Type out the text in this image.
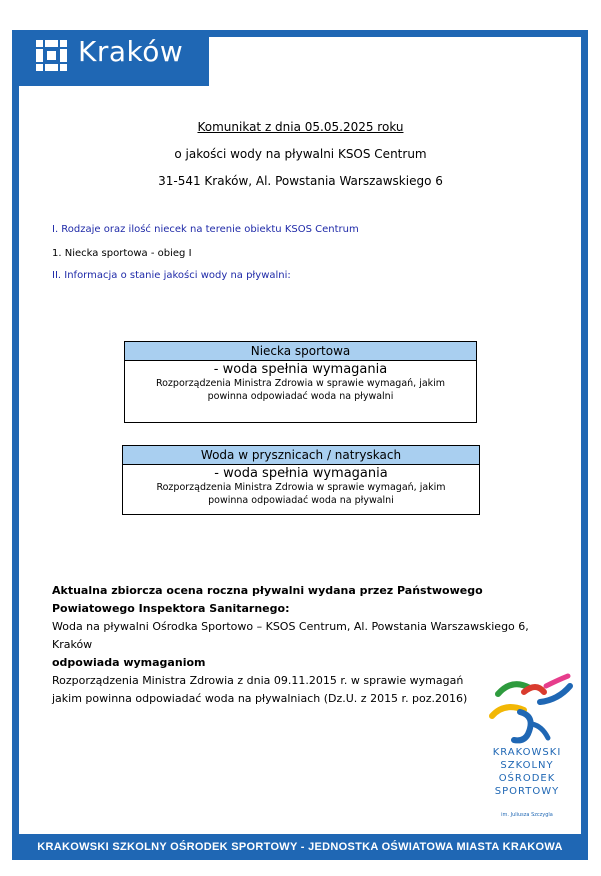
Kraków
Komunikat z dnia 05.05.2025 roku
o jakości wody na pływalni KSOS Centrum
31-541 Kraków, Al. Powstania Warszawskiego 6
I. Rodzaje oraz ilość niecek na terenie obiektu KSOS Centrum
1. Niecka sportowa - obieg I
II. Informacja o stanie jakości wody na pływalni:
Niecka sportowa
- woda spełnia wymagania
Rozporządzenia Ministra Zdrowia w sprawie wymagań, jakim powinna odpowiadać woda na pływalni
Woda w prysznicach / natryskach
- woda spełnia wymagania
Rozporządzenia Ministra Zdrowia w sprawie wymagań, jakim powinna odpowiadać woda na pływalni
Aktualna zbiorcza ocena roczna pływalni wydana przez Państwowego Powiatowego Inspektora Sanitarnego:
Woda na pływalni Ośrodka Sportowo – KSOS Centrum, Al. Powstania Warszawskiego 6, Kraków
odpowiada wymaganiom
Rozporządzenia Ministra Zdrowia z dnia 09.11.2015 r. w sprawie wymagań
jakim powinna odpowiadać woda na pływalniach (Dz.U. z 2015 r. poz.2016)
KRAKOWSKI
SZKOLNY
OŚRODEK
SPORTOWY
im. Juliusza Szczygla
KRAKOWSKI SZKOLNY OŚRODEK SPORTOWY - JEDNOSTKA OŚWIATOWA MIASTA KRAKOWA
